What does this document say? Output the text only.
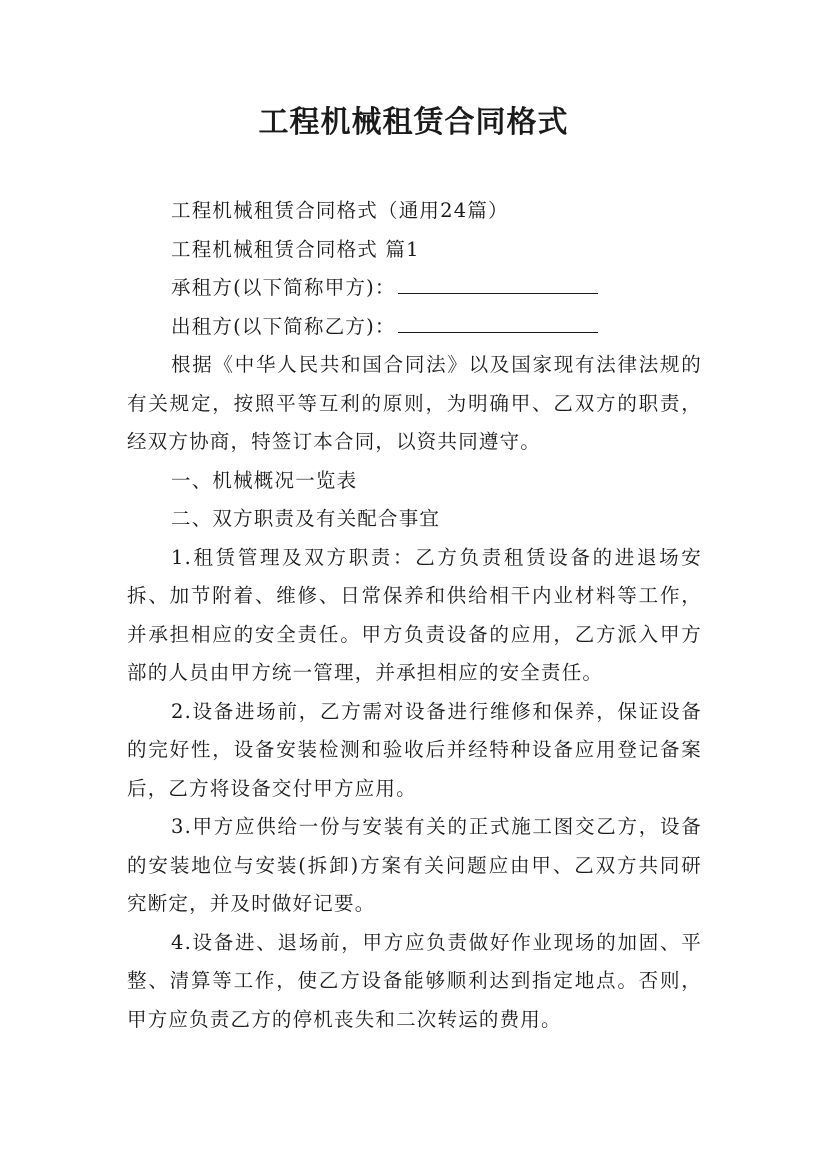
工程机械租赁合同格式

工程机械租赁合同格式（通用24篇）

工程机械租赁合同格式 篇1

承租方(以下简称甲方)：

出租方(以下简称乙方)：

根据《中华人民共和国合同法》以及国家现有法律法规的有关规定，按照平等互利的原则，为明确甲、乙双方的职责，经双方协商，特签订本合同，以资共同遵守。

一、机械概况一览表

二、双方职责及有关配合事宜

1.租赁管理及双方职责：乙方负责租赁设备的进退场安拆、加节附着、维修、日常保养和供给相干内业材料等工作，并承担相应的安全责任。甲方负责设备的应用，乙方派入甲方部的人员由甲方统一管理，并承担相应的安全责任。

2.设备进场前，乙方需对设备进行维修和保养，保证设备的完好性，设备安装检测和验收后并经特种设备应用登记备案后，乙方将设备交付甲方应用。

3.甲方应供给一份与安装有关的正式施工图交乙方，设备的安装地位与安装(拆卸)方案有关问题应由甲、乙双方共同研究断定，并及时做好记要。

4.设备进、退场前，甲方应负责做好作业现场的加固、平整、清算等工作，使乙方设备能够顺利达到指定地点。否则，甲方应负责乙方的停机丧失和二次转运的费用。
